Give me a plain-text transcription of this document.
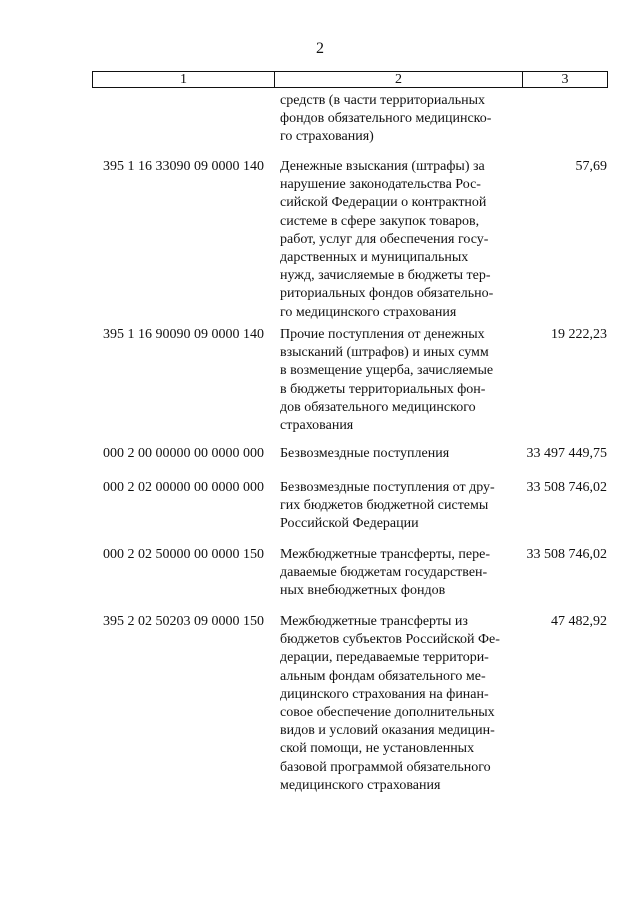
2
1	2	3
средств (в части территориальных
фондов обязательного медицинско-
го страхования)
395 1 16 33090 09 0000 140	Денежные взыскания (штрафы) за
нарушение законодательства Рос-
сийской Федерации о контрактной
системе в сфере закупок товаров,
работ, услуг для обеспечения госу-
дарственных и муниципальных
нужд, зачисляемые в бюджеты тер-
риториальных фондов обязательно-
го медицинского страхования
57,69
395 1 16 90090 09 0000 140	Прочие поступления от денежных
взысканий (штрафов) и иных сумм
в возмещение ущерба, зачисляемые
в бюджеты территориальных фон-
дов обязательного медицинского
страхования
19 222,23
000 2 00 00000 00 0000 000	Безвозмездные поступления	33 497 449,75
000 2 02 00000 00 0000 000	Безвозмездные поступления от дру-
гих бюджетов бюджетной системы
Российской Федерации
33 508 746,02
000 2 02 50000 00 0000 150	Межбюджетные трансферты, пере-
даваемые бюджетам государствен-
ных внебюджетных фондов
33 508 746,02
395 2 02 50203 09 0000 150	Межбюджетные трансферты из
бюджетов субъектов Российской Фе-
дерации, передаваемые территори-
альным фондам обязательного ме-
дицинского страхования на финан-
совое обеспечение дополнительных
видов и условий оказания медицин-
ской помощи, не установленных
базовой программой обязательного
медицинского страхования
47 482,92
